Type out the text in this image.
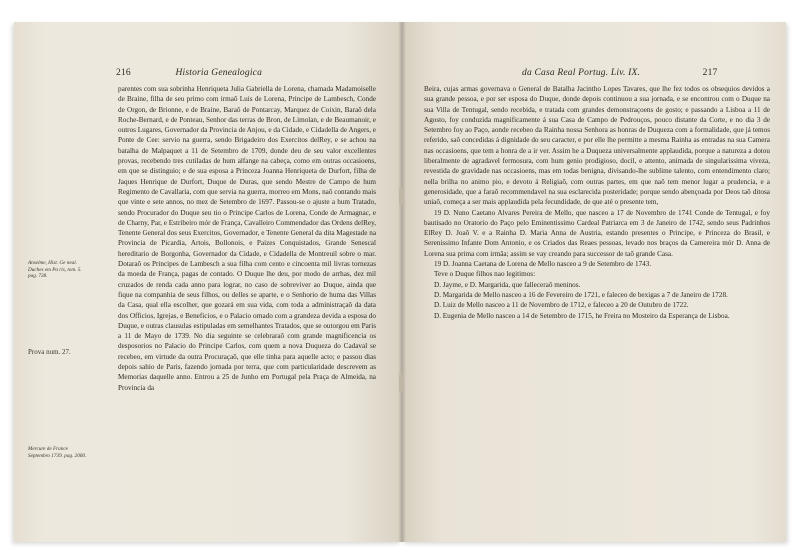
216	Historia Genealogica
Anselme, Hist. Ge neal. Duches em Pa ris, tom. 5. pag. 738.
Prova num. 27.
Mercure de France Septembro 1739. pag. 2060.

parentes com sua sobrinha Henriqueta Julia Gabriella de Lorena, chamada Madamoiselle de Braine, filha de seu primo com irmaõ Luis de Lorena, Principe de Lambesch, Conde de Orgon, de Brionne, e de Braine, Baraõ de Pontarcay, Marquez de Coixin, Baraõ dela Roche-Bernard, e de Ponteau, Senhor das terras de Bron, de Limolan, e de Beaumanoir, e outros Lugares, Governador da Provincia de Anjou, e da Cidade, e Cidadella de Angers, e Ponte de Cee: servio na guerra, sendo Brigadeiro dos Exercitos delRey, e se achou na batalha de Malpaquet a 11 de Setembro de 1709, donde deu de seu valor excellentes provas, recebendo tres cutiladas de hum alfange na cabeça, como em outras occasioens, em que se distinguio; e de sua esposa a Princeza Joanna Henriqueta de Durfort, filha de Jaques Henrique de Durfort, Duque de Duras, que sendo Mestre de Campo de hum Regimento de Cavallaria, com que servia na guerra, morreo em Mons, naõ contando mais que vinte e sete annos, no mez de Setembro de 1697. Passou-se o ajuste a hum Tratado, sendo Procurador do Duque seu tio o Principe Carlos de Lorena, Conde de Armagnac, e de Charny, Par, e Estribeiro mór de França, Cavalleiro Commendador das Ordens delRey, Tenente General dos seus Exercitos, Governador, e Tenente General da dita Magestade na Provincia de Picardia, Artois, Bollonois, e Paizes Conquistados, Grande Senescal hereditario de Borgonha, Governador da Cidade, e Cidadella de Montreuil sobre o mar. Dotaraõ os Principes de Lambesch a sua filha com cento e cincoenta mil livras tornezas da moeda de França, pagas de contado. O Duque lhe deu, por modo de arrhas, dez mil cruzados de renda cada anno para lograr, no caso de sobreviver ao Duque, ainda que fique na companhia de seus filhos, ou delles se aparte, e o Senhorio de huma das Villas da Casa, qual ella escolher, que gozará em sua vida, com toda a administraçaõ da data dos Officios, Igrejas, e Beneficios, e o Palacio ornado com a grandeza devida a esposa do Duque, e outras clausulas estipuladas em semelhantes Tratados, que se outorgou em Paris a 11 de Mayo de 1739. No dia seguinte se celebraraõ com grande magnificencia os desposorios no Palacio do Principe Carlos, com quem a nova Duqueza do Cadaval se recebeo, em virtude da outra Procuraçaõ, que elle tinha para aquelle acto; e passou dias depois sahio de Paris, fazendo jornada por terra, que com particularidade descrevem as Memorias daquelle anno. Entrou a 25 de Junho em Portugal pela Praça de Almeida, na Provincia da

da Casa Real Portug. Liv. IX.	217

Beira, cujas armas governava o General de Batalha Jacintho Lopes Tavares, que lhe fez todos os obsequios devidos a sua grande pessoa, e por ser esposa do Duque, donde depois continuou a sua jornada, e se encontrou com o Duque na sua Villa de Tentugal, sendo recebida, e tratada com grandes demonstraçoens de gosto; e passando a Lisboa a 11 de Agosto, foy conduzida magnificamente á sua Casa de Campo de Pedrouços, pouco distante da Corte, e no dia 3 de Setembro foy ao Paço, aonde recebeo da Rainha nossa Senhora as honras de Duqueza com a formalidade, que já temos referido, saõ concedidas á dignidade do seu caracter, e por elle lhe permitte a mesma Rainha as entradas na sua Camera nas occasioens, que tem a honra de a ir ver. Assim he a Duqueza universalmente applaudida, porque a natureza a dotou liberalmente de agradavel fermosura, com hum genio prodigioso, docil, e attento, animada de singularissima viveza, revestida de gravidade nas occasioens, mas em todas benigna, divisando-lhe sublime talento, com entendimento claro; nella brilha no animo pio, e devoto á Religiaõ, com outras partes, em que naõ tem menor lugar a prudencia, e a generosidade, que a faraõ recommendavel na sua esclarecida posteridade; porque sendo abençoada por Deos taõ ditosa uniaõ, começa a ser mais applaudida pela fecundidade, de que até o presente tem,

19 D. Nuno Caetano Alvares Pereira de Mello, que nasceo a 17 de Novembro de 1741 Conde de Tentugal, e foy bautisado no Oratorio do Paço pelo Eminentissimo Cardeal Patriarca em 3 de Janeiro de 1742, sendo seus Padrinhos ElRey D. Joaõ V. e a Rainha D. Maria Anna de Austria, estando presentes o Principe, e Princeza do Brasil, e Serenissimo Infante Dom Antonio, e os Criados das Reaes pessoas, levado nos braços da Camereira mór D. Anna de Lorena sua prima com irmãa; assim se vay creando para successor de taõ grande Casa.

19 D. Joanna Caetana de Lorena de Mello nasceo a 9 de Setembro de 1743.

Teve o Duque filhos nao legitimos:

D. Jayme, e D. Margarida, que falleceraõ meninos.

D. Margarida de Mello nasceo a 16 de Fevereiro de 1721, e faleceo de bexigas a 7 de Janeiro de 1728.

D. Luiz de Mello nasceo a 11 de Novembro de 1712, e faleceo a 20 de Outubro de 1722.

D. Eugenia de Mello nasceo a 14 de Setembro de 1715, he Freira no Mosteiro da Esperança de Lisboa.
